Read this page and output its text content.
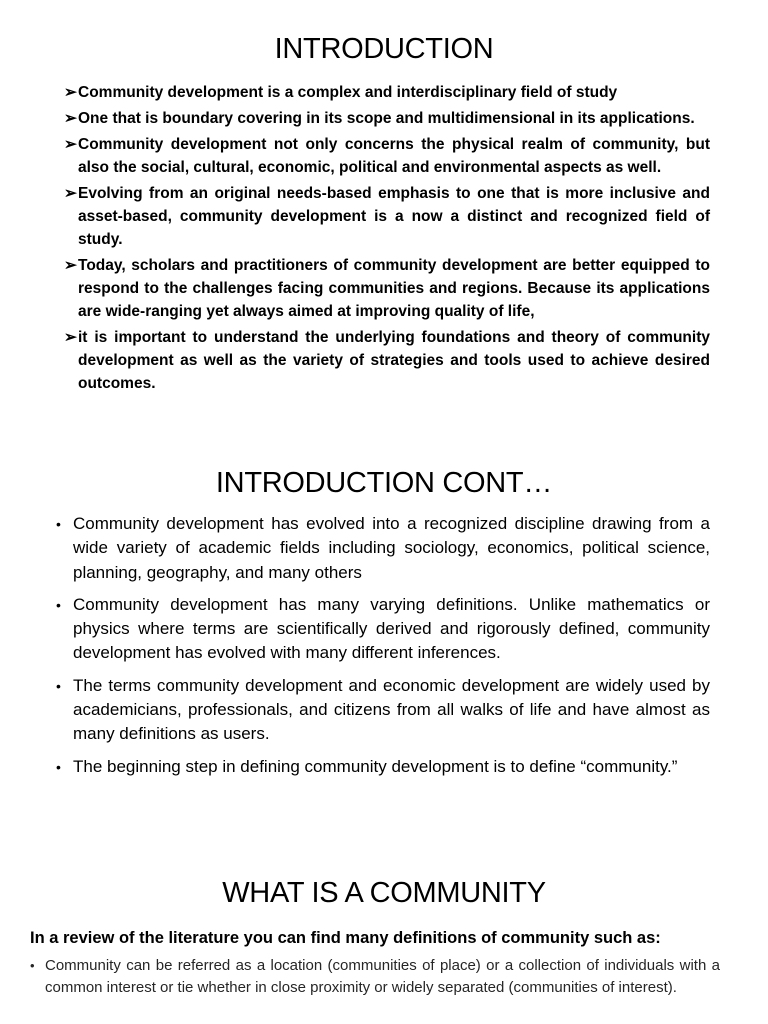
INTRODUCTION
➢ Community development is a complex and interdisciplinary field of study
➢ One that is boundary covering in its scope and multidimensional in its applications.
➢ Community development not only concerns the physical realm of community, but also the social, cultural, economic, political and environmental aspects as well.
➢ Evolving from an original needs-based emphasis to one that is more inclusive and asset-based, community development is a now a distinct and recognized field of study.
➢ Today, scholars and practitioners of community development are better equipped to respond to the challenges facing communities and regions. Because its applications are wide-ranging yet always aimed at improving quality of life,
➢ it is important to understand the underlying foundations and theory of community development as well as the variety of strategies and tools used to achieve desired outcomes.
INTRODUCTION CONT…
• Community development has evolved into a recognized discipline drawing from a wide variety of academic fields including sociology, economics, political science, planning, geography, and many others
• Community development has many varying definitions. Unlike mathematics or physics where terms are scientifically derived and rigorously defined, community development has evolved with many different inferences.
• The terms community development and economic development are widely used by academicians, professionals, and citizens from all walks of life and have almost as many definitions as users.
• The beginning step in defining community development is to define “community.”
WHAT IS A COMMUNITY

In a review of the literature you can find many definitions of community such as:

• Community can be referred as a location (communities of place) or a collection of individuals with a common interest or tie whether in close proximity or widely separated (communities of interest).
